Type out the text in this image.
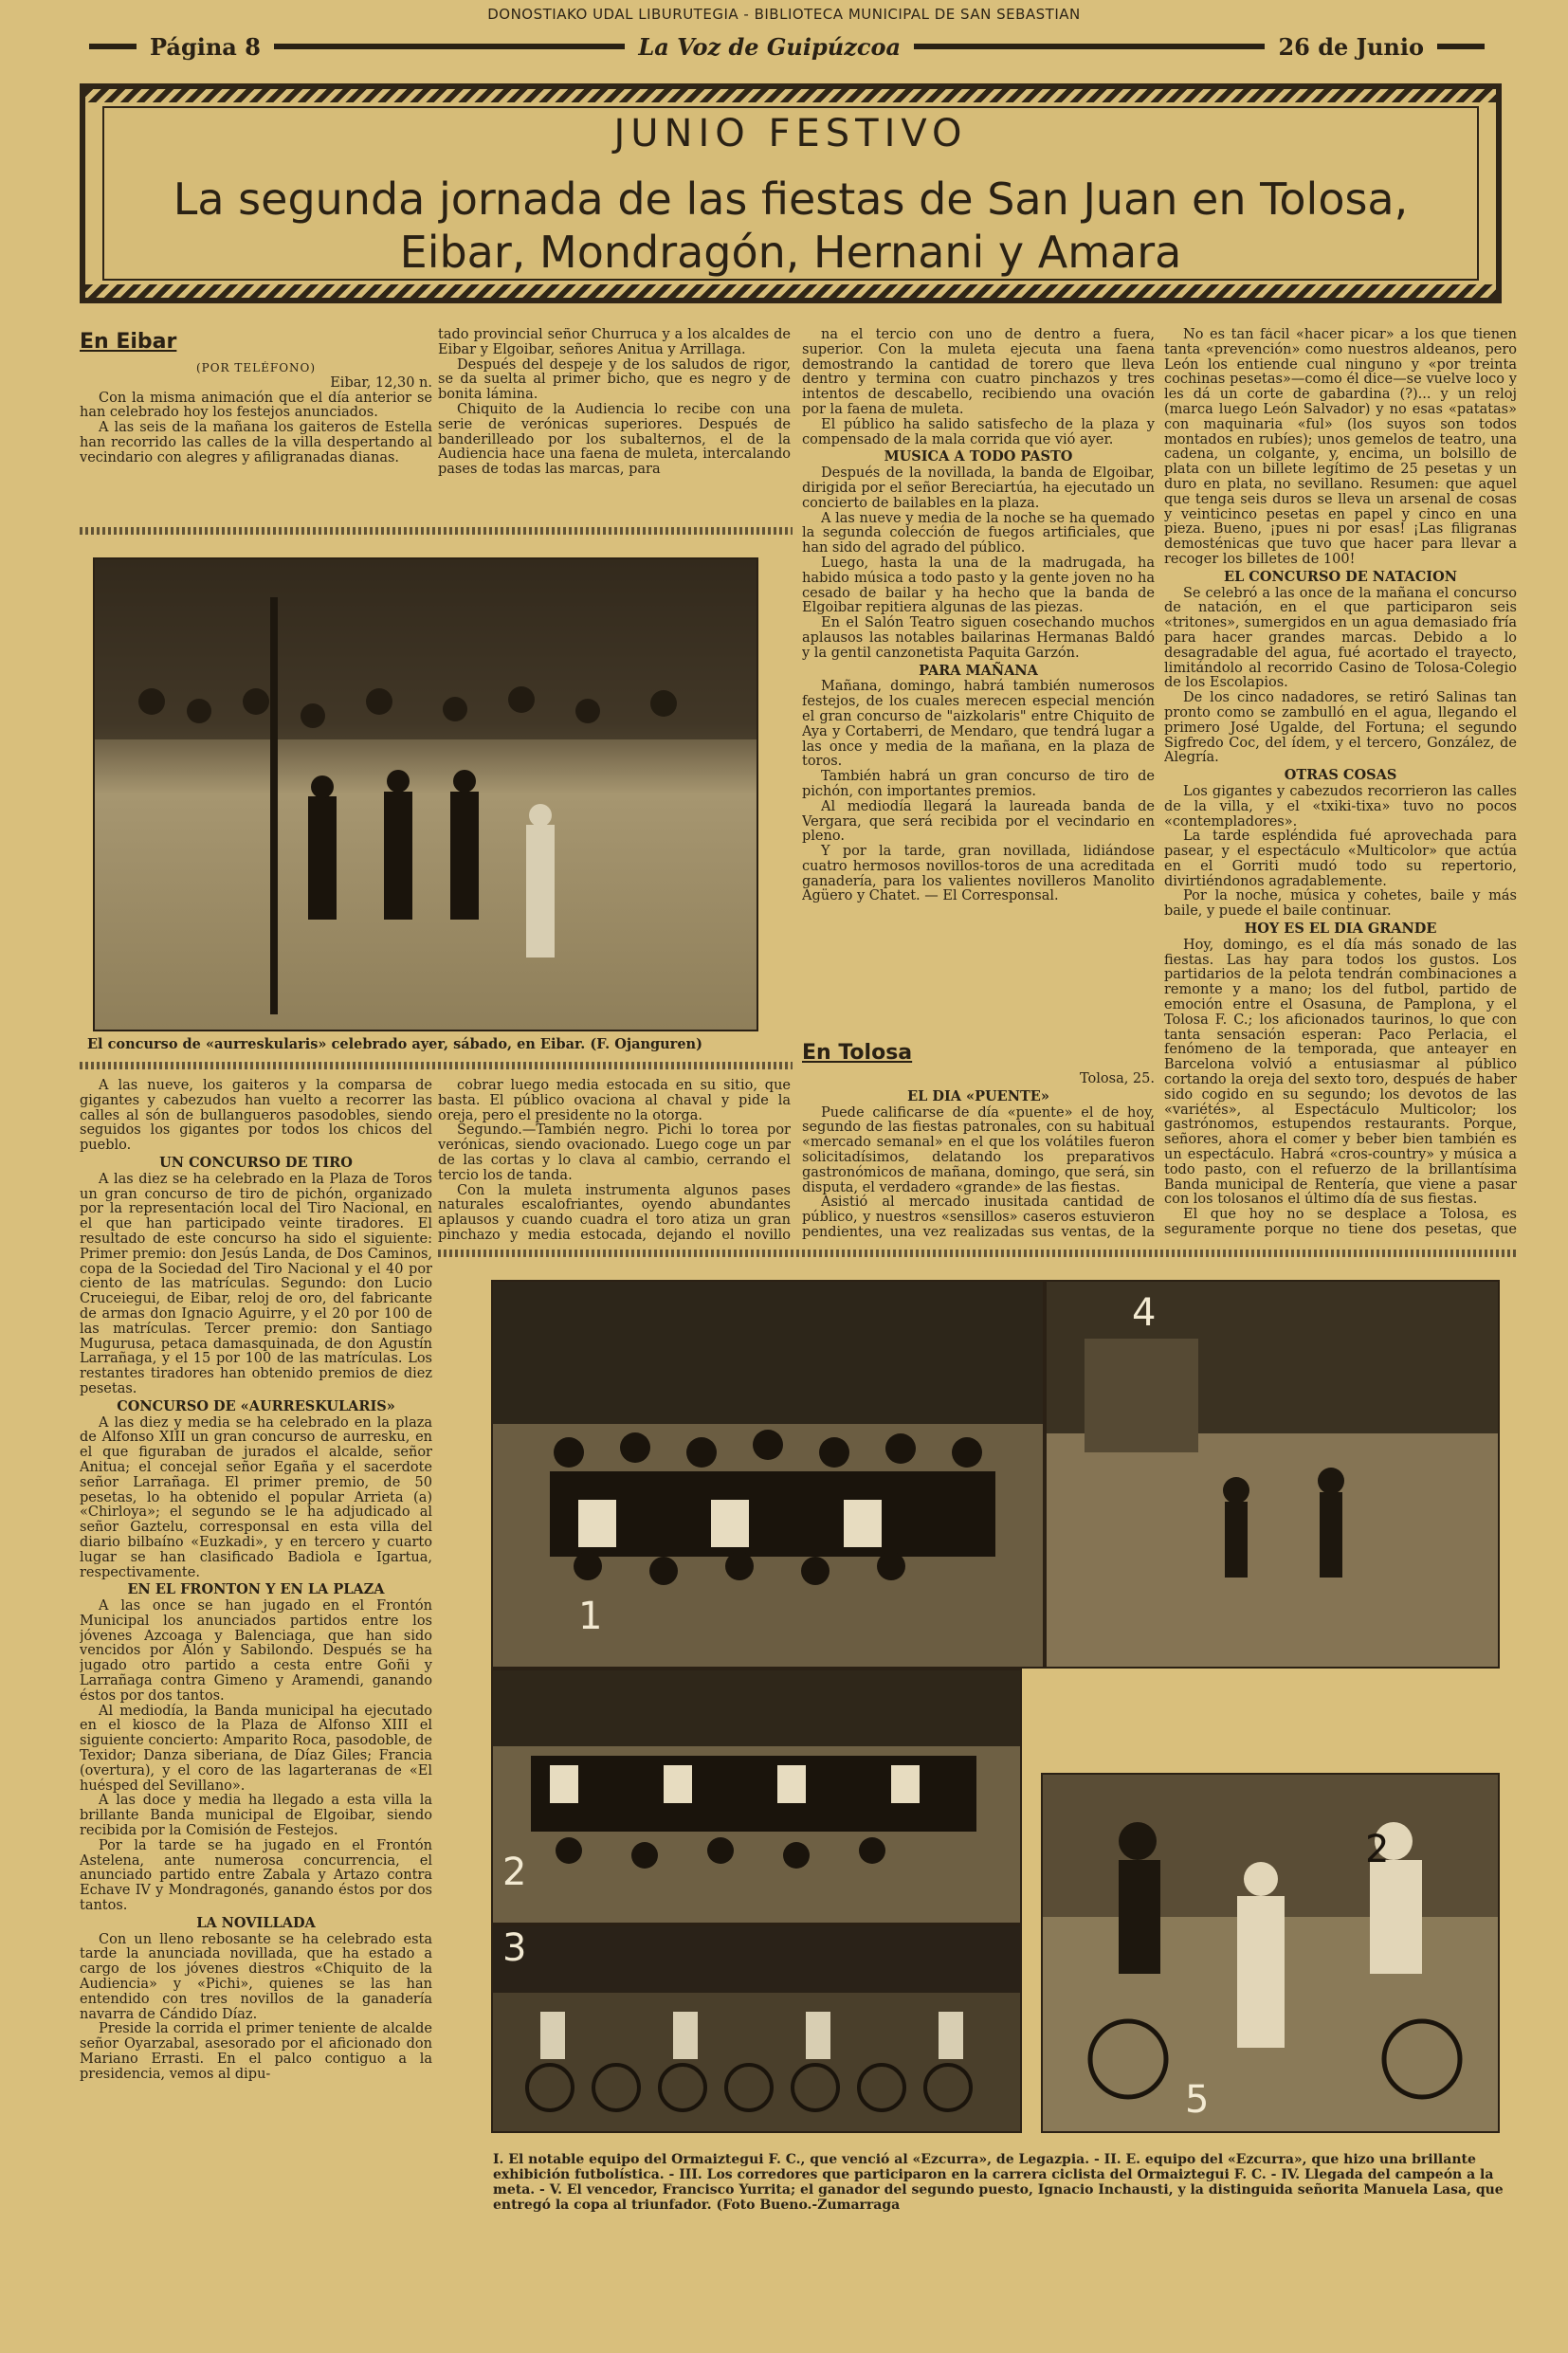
DONOSTIAKO UDAL LIBURUTEGIA - BIBLIOTECA MUNICIPAL DE SAN SEBASTIAN
Página 8	La Voz de Guipúzcoa	26 de Junio
JUNIO FESTIVO
La segunda jornada de las fiestas de San Juan en Tolosa,
Eibar, Mondragón, Hernani y Amara
En Eibar
(POR TELÉFONO)
Eibar, 12,30 n.

Con la misma animación que el día anterior se han celebrado hoy los festejos anunciados.

A las seis de la mañana los gaiteros de Estella han recorrido las calles de la villa despertando al vecindario con alegres y afiligranadas dianas.

tado provincial señor Churruca y a los alcaldes de Eibar y Elgoibar, señores Anitua y Arrillaga.

Después del despeje y de los saludos de rigor, se da suelta al primer bicho, que es negro y de bonita lámina.

Chiquito de la Audiencia lo recibe con una serie de verónicas superiores. Después de banderilleado por los subalternos, el de la Audiencia hace una faena de muleta, intercalando pases de todas las marcas, para

El concurso de «aurreskularis» celebrado ayer, sábado, en Eibar. (F. Ojanguren)

A las nueve, los gaiteros y la comparsa de gigantes y cabezudos han vuelto a recorrer las calles al són de bullangueros pasodobles, siendo seguidos los gigantes por todos los chicos del pueblo.

UN CONCURSO DE TIRO

A las diez se ha celebrado en la Plaza de Toros un gran concurso de tiro de pichón, organizado por la representación local del Tiro Nacional, en el que han participado veinte tiradores. El resultado de este concurso ha sido el siguiente: Primer premio: don Jesús Landa, de Dos Caminos, copa de la Sociedad del Tiro Nacional y el 40 por ciento de las matrículas. Segundo: don Lucio Cruceiegui, de Eibar, reloj de oro, del fabricante de armas don Ignacio Aguirre, y el 20 por 100 de las matrículas. Tercer premio: don Santiago Mugurusa, petaca damasquinada, de don Agustín Larrañaga, y el 15 por 100 de las matrículas. Los restantes tiradores han obtenido premios de diez pesetas.

CONCURSO DE «AURRESKULARIS»

A las diez y media se ha celebrado en la plaza de Alfonso XIII un gran concurso de aurresku, en el que figuraban de jurados el alcalde, señor Anitua; el concejal señor Egaña y el sacerdote señor Larrañaga. El primer premio, de 50 pesetas, lo ha obtenido el popular Arrieta (a) «Chirloya»; el segundo se le ha adjudicado al señor Gaztelu, corresponsal en esta villa del diario bilbaíno «Euzkadi», y en tercero y cuarto lugar se han clasificado Badiola e Igartua, respectivamente.

EN EL FRONTON Y EN LA PLAZA

A las once se han jugado en el Frontón Municipal los anunciados partidos entre los jóvenes Azcoaga y Balenciaga, que han sido vencidos por Alón y Sabilondo. Después se ha jugado otro partido a cesta entre Goñi y Larrañaga contra Gimeno y Aramendi, ganando éstos por dos tantos.

Al mediodía, la Banda municipal ha ejecutado en el kiosco de la Plaza de Alfonso XIII el siguiente concierto: Amparito Roca, pasodoble, de Texidor; Danza siberiana, de Díaz Giles; Francia (overtura), y el coro de las lagarteranas de «El huésped del Sevillano».

A las doce y media ha llegado a esta villa la brillante Banda municipal de Elgoibar, siendo recibida por la Comisión de Festejos.

Por la tarde se ha jugado en el Frontón Astelena, ante numerosa concurrencia, el anunciado partido entre Zabala y Artazo contra Echave IV y Mondragonés, ganando éstos por dos tantos.

LA NOVILLADA

Con un lleno rebosante se ha celebrado esta tarde la anunciada novillada, que ha estado a cargo de los jóvenes diestros «Chiquito de la Audiencia» y «Pichi», quienes se las han entendido con tres novillos de la ganadería navarra de Cándido Díaz.

Preside la corrida el primer teniente de alcalde señor Oyarzabal, asesorado por el aficionado don Mariano Errasti. En el palco contiguo a la presidencia, vemos al dipu-

cobrar luego media estocada en su sitio, que basta. El público ovaciona al chaval y pide la oreja, pero el presidente no la otorga.

Segundo.—También negro. Pichi lo torea por verónicas, siendo ovacionado. Luego coge un par de las cortas y lo clava al cambio, cerrando el tercio los de tanda.

Con la muleta instrumenta algunos pases naturales escalofriantes, oyendo abundantes aplausos y cuando cuadra el toro atiza un gran pinchazo y media estocada, dejando el novillo

na el tercio con uno de dentro a fuera, superior. Con la muleta ejecuta una faena demostrando la cantidad de torero que lleva dentro y termina con cuatro pinchazos y tres intentos de descabello, recibiendo una ovación por la faena de muleta.

El público ha salido satisfecho de la plaza y compensado de la mala corrida que vió ayer.

MUSICA A TODO PASTO

Después de la novillada, la banda de Elgoibar, dirigida por el señor Bereciartúa, ha ejecutado un concierto de bailables en la plaza.

A las nueve y media de la noche se ha quemado la segunda colección de fuegos artificiales, que han sido del agrado del público.

Luego, hasta la una de la madrugada, ha habido música a todo pasto y la gente joven no ha cesado de bailar y ha hecho que la banda de Elgoibar repitiera algunas de las piezas.

En el Salón Teatro siguen cosechando muchos aplausos las notables bailarinas Hermanas Baldó y la gentil canzonetista Paquita Garzón.

PARA MAÑANA

Mañana, domingo, habrá también numerosos festejos, de los cuales merecen especial mención el gran concurso de "aizkolaris" entre Chiquito de Aya y Cortaberri, de Mendaro, que tendrá lugar a las once y media de la mañana, en la plaza de toros.

También habrá un gran concurso de tiro de pichón, con importantes premios.

Al mediodía llegará la laureada banda de Vergara, que será recibida por el vecindario en pleno.

Y por la tarde, gran novillada, lidiándose cuatro hermosos novillos-toros de una acreditada ganadería, para los valientes novilleros Manolito Agüero y Chatet. — El Corresponsal.

En Tolosa
Tolosa, 25.
EL DIA «PUENTE»

Puede calificarse de día «puente» el de hoy, segundo de las fiestas patronales, con su habitual «mercado semanal» en el que los volátiles fueron solicitadísimos, delatando los preparativos gastronómicos de mañana, domingo, que será, sin disputa, el verdadero «grande» de las fiestas.

Asistió al mercado inusitada cantidad de público, y nuestros «sensillos» caseros estuvieron pendientes, una vez realizadas sus ventas, de la

No es tan fácil «hacer picar» a los que tienen tanta «prevención» como nuestros aldeanos, pero León los entiende cual ninguno y «por treinta cochinas pesetas»—como él dice—se vuelve loco y les dá un corte de gabardina (?)... y un reloj (marca luego León Salvador) y no esas «patatas» con maquinaria «ful» (los suyos son todos montados en rubíes); unos gemelos de teatro, una cadena, un colgante, y, encima, un bolsillo de plata con un billete legítimo de 25 pesetas y un duro en plata, no sevillano. Resumen: que aquel que tenga seis duros se lleva un arsenal de cosas y veinticinco pesetas en papel y cinco en una pieza. Bueno, ¡pues ni por esas! ¡Las filigranas demosténicas que tuvo que hacer para llevar a recoger los billetes de 100!

EL CONCURSO DE NATACION

Se celebró a las once de la mañana el concurso de natación, en el que participaron seis «tritones», sumergidos en un agua demasiado fría para hacer grandes marcas. Debido a lo desagradable del agua, fué acortado el trayecto, limitándolo al recorrido Casino de Tolosa-Colegio de los Escolapios.

De los cinco nadadores, se retiró Salinas tan pronto como se zambulló en el agua, llegando el primero José Ugalde, del Fortuna; el segundo Sigfredo Coc, del ídem, y el tercero, González, de Alegría.

OTRAS COSAS

Los gigantes y cabezudos recorrieron las calles de la villa, y el «txiki-tixa» tuvo no pocos «contempladores».

La tarde espléndida fué aprovechada para pasear, y el espectáculo «Multicolor» que actúa en el Gorriti mudó todo su repertorio, divirtiéndonos agradablemente.

Por la noche, música y cohetes, baile y más baile, y puede el baile continuar.

HOY ES EL DIA GRANDE

Hoy, domingo, es el día más sonado de las fiestas. Las hay para todos los gustos. Los partidarios de la pelota tendrán combinaciones a remonte y a mano; los del futbol, partido de emoción entre el Osasuna, de Pamplona, y el Tolosa F. C.; los aficionados taurinos, lo que con tanta sensación esperan: Paco Perlacia, el fenómeno de la temporada, que anteayer en Barcelona volvió a entusiasmar al público cortando la oreja del sexto toro, después de haber sido cogido en su segundo; los devotos de las «variétés», al Espectáculo Multicolor; los gastrónomos, estupendos restaurants. Porque, señores, ahora el comer y beber bien también es un espectáculo. Habrá «cros-country» y música a todo pasto, con el refuerzo de la brillantísima Banda municipal de Rentería, que viene a pasar con los tolosanos el último día de sus fiestas.

El que hoy no se desplace a Tolosa, es seguramente porque no tiene dos pesetas, que

1
4
2
3
2
5
I. El notable equipo del Ormaiztegui F. C., que venció al «Ezcurra», de Legazpia. - II. E. equipo del «Ezcurra», que hizo una brillante exhibición futbolística. - III. Los corredores que participaron en la carrera ciclista del Ormaiztegui F. C. - IV. Llegada del campeón a la meta. - V. El vencedor, Francisco Yurrita; el ganador del segundo puesto, Ignacio Inchausti, y la distinguida señorita Manuela Lasa, que entregó la copa al triunfador. (Foto Bueno.-Zumarraga
